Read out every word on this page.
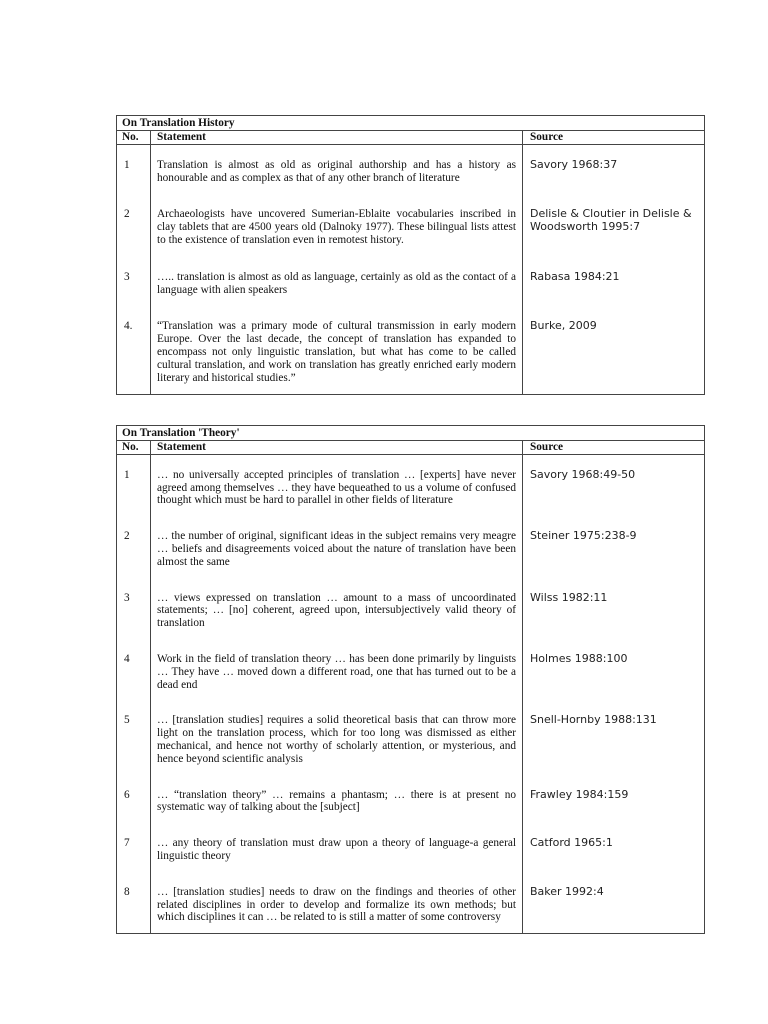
On Translation History		
No.	Statement	Source

1	Translation is almost as old as original authorship and has a history as honourable and as complex as that of any other branch of literature	Savory 1968:37

2	Archaeologists have uncovered Sumerian-Eblaite vocabularies inscribed in clay tablets that are 4500 years old (Dalnoky 1977). These bilingual lists attest to the existence of translation even in remotest history.	Delisle & Cloutier in Delisle & Woodsworth 1995:7

3	….. translation is almost as old as language, certainly as old as the contact of a language with alien speakers	Rabasa 1984:21

4.	“Translation was a primary mode of cultural transmission in early modern Europe. Over the last decade, the concept of translation has expanded to encompass not only linguistic translation, but what has come to be called cultural translation, and work on translation has greatly enriched early modern literary and historical studies.”	Burke, 2009
On Translation 'Theory'		
No.	Statement	Source

1	… no universally accepted principles of translation … [experts] have never agreed among themselves … they have bequeathed to us a volume of confused thought which must be hard to parallel in other fields of literature	Savory 1968:49-50

2	… the number of original, significant ideas in the subject remains very meagre … beliefs and disagreements voiced about the nature of translation have been almost the same	Steiner 1975:238-9

3	… views expressed on translation … amount to a mass of uncoordinated statements; … [no] coherent, agreed upon, intersubjectively valid theory of translation	Wilss 1982:11

4	Work in the field of translation theory … has been done primarily by linguists … They have … moved down a different road, one that has turned out to be a dead end	Holmes 1988:100

5	… [translation studies] requires a solid theoretical basis that can throw more light on the translation process, which for too long was dismissed as either mechanical, and hence not worthy of scholarly attention, or mysterious, and hence beyond scientific analysis	Snell-Hornby 1988:131

6	… “translation theory” … remains a phantasm; … there is at present no systematic way of talking about the [subject]	Frawley 1984:159

7	… any theory of translation must draw upon a theory of language-a general linguistic theory	Catford 1965:1

8	… [translation studies] needs to draw on the findings and theories of other related disciplines in order to develop and formalize its own methods; but which disciplines it can … be related to is still a matter of some controversy	Baker 1992:4
